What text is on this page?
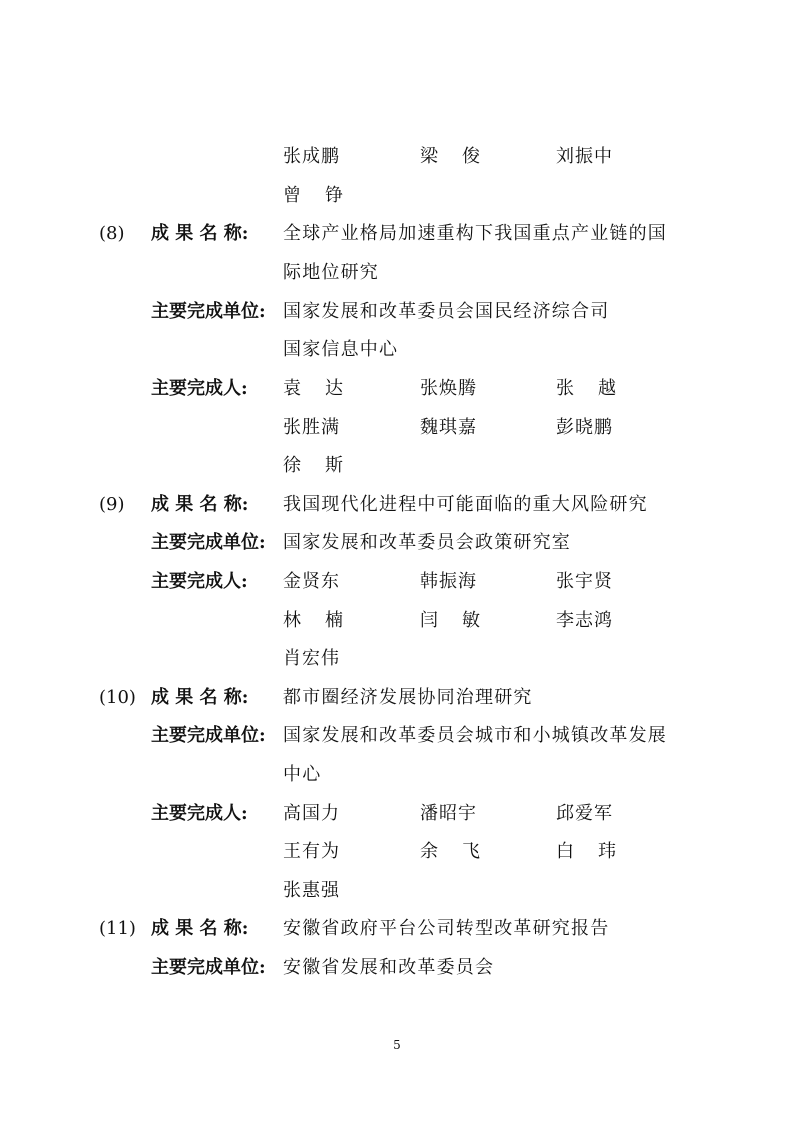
张成鹏	梁俊	刘振中
曾铮
(8)	成 果 名 称: 全球产业格局加速重构下我国重点产业链的国
际地位研究
主要完成单位: 国家发展和改革委员会国民经济综合司
国家信息中心
主要完成人: 袁达	张焕腾	张越
张胜满	魏琪嘉	彭晓鹏
徐斯
(9)	成 果 名 称: 我国现代化进程中可能面临的重大风险研究
主要完成单位: 国家发展和改革委员会政策研究室
主要完成人: 金贤东	韩振海	张宇贤
林楠	闫敏	李志鸿
肖宏伟
(10) 成 果 名 称: 都市圈经济发展协同治理研究
主要完成单位: 国家发展和改革委员会城市和小城镇改革发展
中心
主要完成人: 高国力	潘昭宇	邱爱军
王有为	余飞	白玮
张惠强
(11) 成 果 名 称: 安徽省政府平台公司转型改革研究报告
主要完成单位: 安徽省发展和改革委员会
5
